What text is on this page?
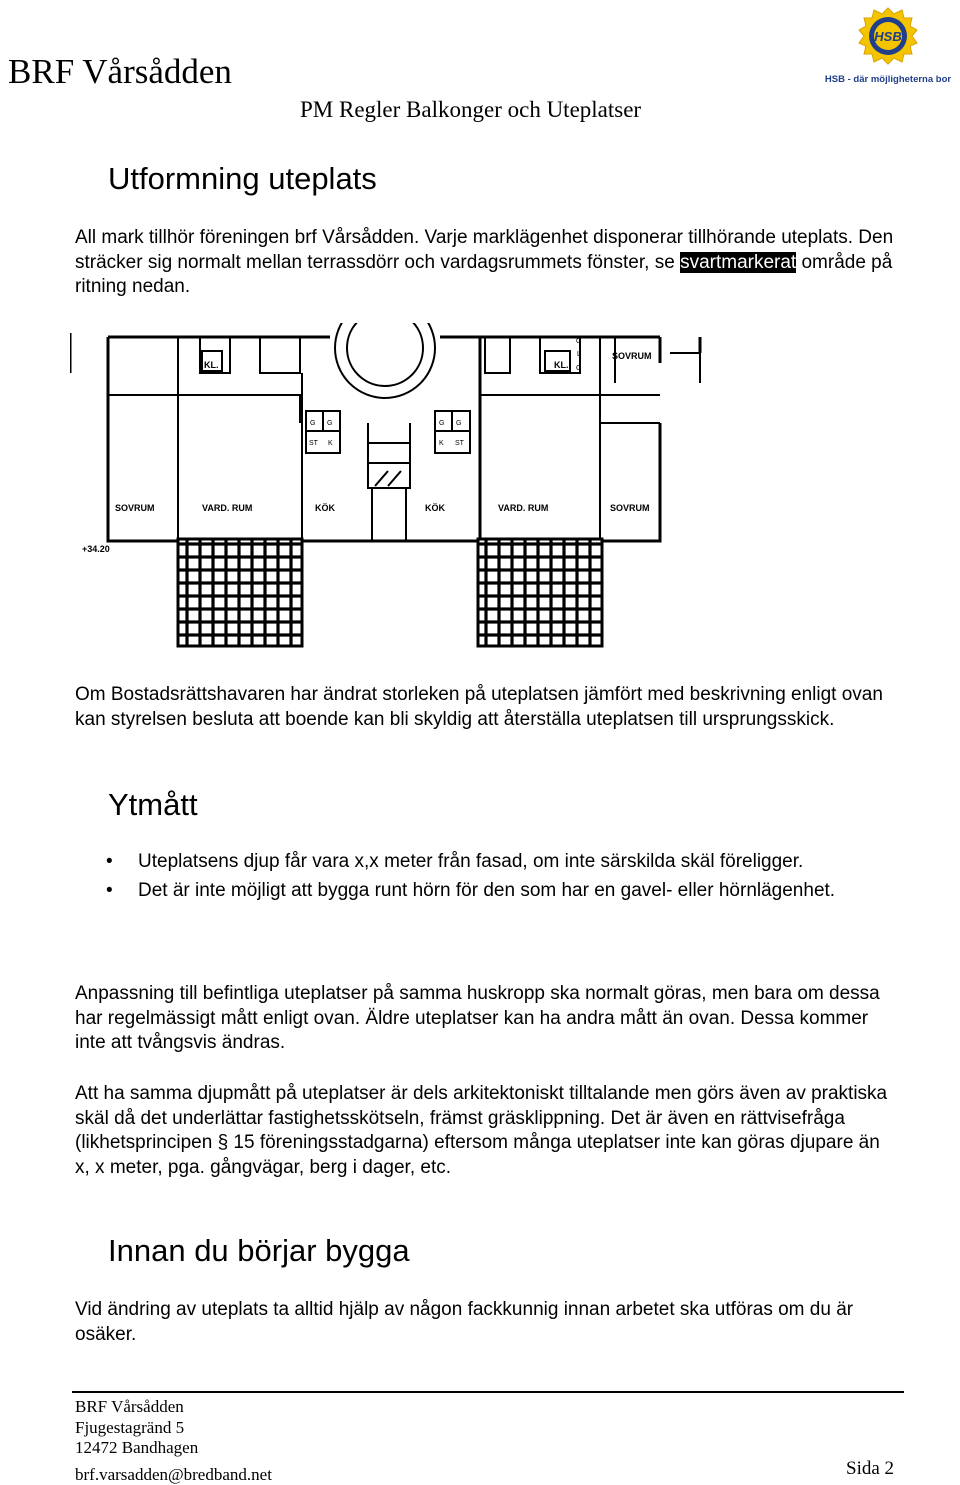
BRF Vårsådden
PM Regler Balkonger och Uteplatser
HSB
HSB - där möjligheterna bor
Utformning uteplats

All mark tillhör föreningen brf Vårsådden. Varje marklägenhet disponerar tillhörande uteplats. Den sträcker sig normalt mellan terrassdörr och vardagsrummets fönster, se svartmarkerat område på ritning nedan.

SOVRUM	VARD. RUM	KÖK	KÖK	VARD. RUM	SOVRUM
SOVRUM
KL.	KL.
+34.20
G G
ST K
G G
K ST
G
L
G

Om Bostadsrättshavaren har ändrat storleken på uteplatsen jämfört med beskrivning enligt ovan kan styrelsen besluta att boende kan bli skyldig att återställa uteplatsen till ursprungsskick.

Ytmått
• Uteplatsens djup får vara x,x meter från fasad, om inte särskilda skäl föreligger.
• Det är inte möjligt att bygga runt hörn för den som har en gavel- eller hörnlägenhet.

Anpassning till befintliga uteplatser på samma huskropp ska normalt göras, men bara om dessa har regelmässigt mått enligt ovan. Äldre uteplatser kan ha andra mått än ovan. Dessa kommer inte att tvångsvis ändras.

Att ha samma djupmått på uteplatser är dels arkitektoniskt tilltalande men görs även av praktiska skäl då det underlättar fastighetsskötseln, främst gräsklippning. Det är även en rättvisefråga (likhetsprincipen § 15 föreningsstadgarna) eftersom många uteplatser inte kan göras djupare än x, x meter, pga. gångvägar, berg i dager, etc.

Innan du börjar bygga

Vid ändring av uteplats ta alltid hjälp av någon fackkunnig innan arbetet ska utföras om du är osäker.

BRF Vårsådden
Fjugestagränd 5
12472 Bandhagen
brf.varsadden@bredband.net	Sida 2
